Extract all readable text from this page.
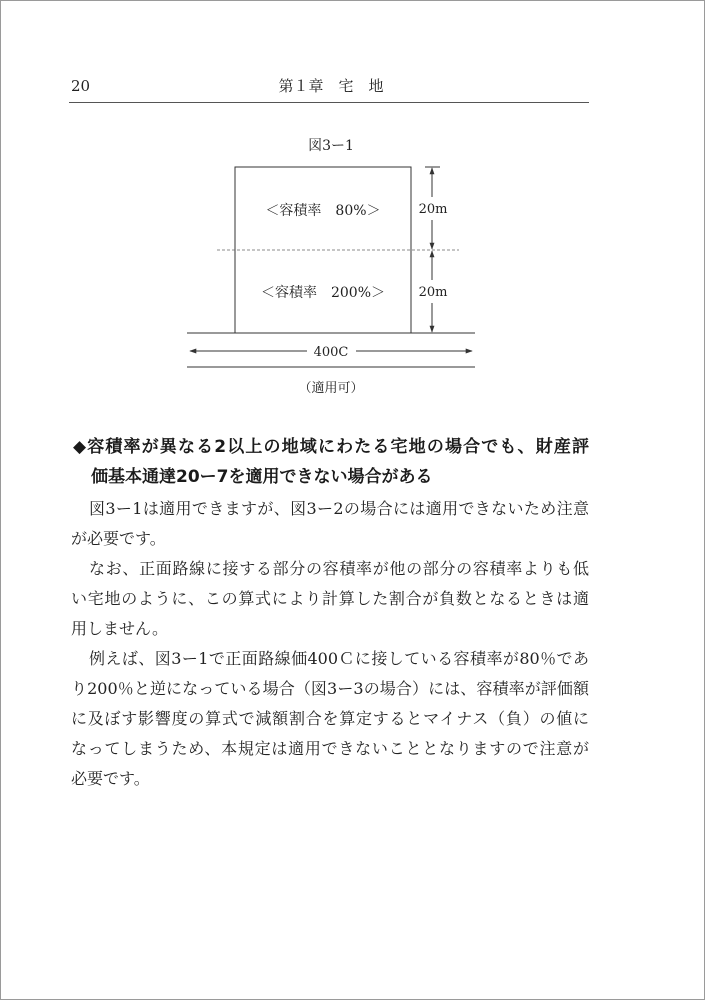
20	第１章　宅　地
図3ー1
＜容積率　80%＞
＜容積率　200%＞
20m
20m
400C
（適用可）
◆容積率が異なる2以上の地域にわたる宅地の場合でも、財産評
価基本通達20ー7を適用できない場合がある
図3ー1は適用できますが、図3ー2の場合には適用できないため注意
が必要です。
なお、正面路線に接する部分の容積率が他の部分の容積率よりも低
い宅地のように、この算式により計算した割合が負数となるときは適
用しません。
例えば、図3ー1で正面路線価400Ｃに接している容積率が80％であ
り200％と逆になっている場合（図3ー3の場合）には、容積率が評価額
に及ぼす影響度の算式で減額割合を算定するとマイナス（負）の値に
なってしまうため、本規定は適用できないこととなりますので注意が
必要です。
